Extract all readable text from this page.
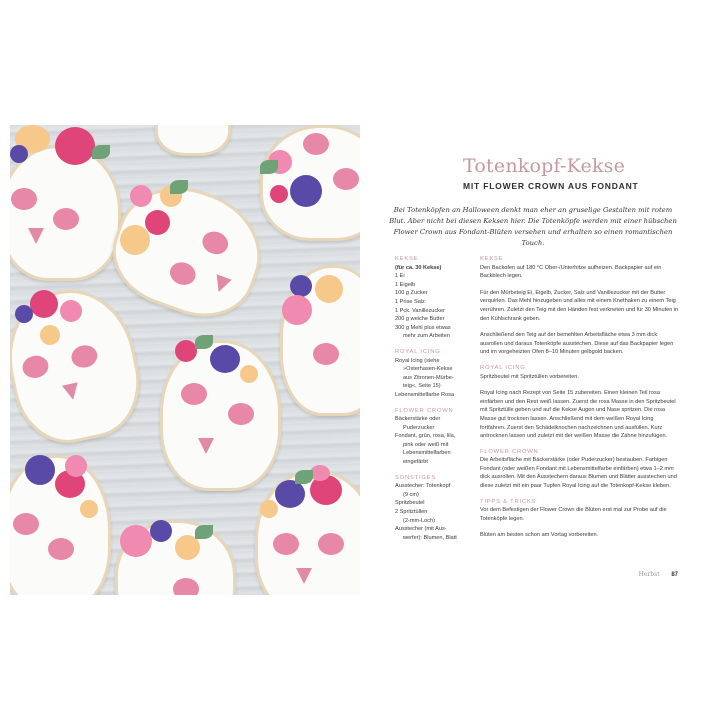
Totenkopf-Kekse
MIT FLOWER CROWN AUS FONDANT
Bei Totenköpfen an Halloween denkt man eher an gruselige Gestalten mit rotem Blut. Aber nicht bei diesen Keksen hier. Die Totenköpfe werden mit einer hübschen Flower Crown aus Fondant-Blüten versehen und erhalten so einen romantischen Touch.
KEKSE
(für ca. 30 Kekse)
1 Ei
1 Eigelb
100 g Zucker
1 Prise Salz
1 Pck. Vanillezucker
200 g weiche Butter
300 g Mehl plus etwas
mehr zum Arbeiten
ROYAL ICING
Royal Icing (siehe
»Osterhasen-Kekse
aus Zitronen-Mürbe-
teig«, Seite 15)
Lebensmittelfarbe Rosa
FLOWER CROWN
Bäckerstärke oder
Puderzucker
Fondant, grün, rosa, lila,
pink oder weiß mit
Lebensmittelfarben
eingefärbt
SONSTIGES
Ausstecher: Totenkopf
(9 cm)
Spritzbeutel
2 Spritztüllen
(2-mm-Loch)
Ausstecher (mit Aus-
werfer): Blumen, Blatt
KEKSE

Den Backofen auf 180 °C Ober-/Unterhitze aufheizen. Backpapier auf ein Backblech legen.

Für den Mürbeteig Ei, Eigelb, Zucker, Salz und Vanillezucker mit der Butter verquirlen. Das Mehl hinzugeben und alles mit einem Knethaken zu einem Teig verrühren. Zuletzt den Teig mit den Händen fest verkneten und für 30 Minuten in den Kühlschrank geben.

Anschließend den Teig auf der bemehlten Arbeitsfläche etwa 3 mm dick ausrollen und daraus Totenköpfe ausstechen. Diese auf das Backpapier legen und im vorgeheizten Ofen 8–10 Minuten gelbgold backen.

ROYAL ICING

Spritzbeutel mit Spritztüllen vorbereiten.

Royal Icing nach Rezept von Seite 15 zubereiten. Einen kleinen Teil rosa einfärben und den Rest weiß lassen. Zuerst die rosa Masse in den Spritzbeutel mit Spritztülle geben und auf die Kekse Augen und Nase spritzen. Die rosa Masse gut trocknen lassen. Anschließend mit dem weißen Royal Icing fortfahren. Zuerst den Schädelknochen nachzeichnen und ausfüllen. Kurz antrocknen lassen und zuletzt mit der weißen Masse die Zähne hinzufügen.

FLOWER CROWN

Die Arbeitsfläche mit Bäckerstärke (oder Puderzucker) bestauben. Farbigen Fondant (oder weißen Fondant mit Lebensmittelfarbe einfärben) etwa 1–2 mm dick ausrollen. Mit den Ausstechern daraus Blumen und Blätter ausstechen und diese zuletzt mit ein paar Tupfen Royal Icing auf die Totenkopf-Kekse kleben.

TIPPS & TRICKS

Vor dem Befestigen der Flower Crown die Blüten erst mal zur Probe auf die Totenköpfe legen.

Blüten am besten schon am Vortag vorbereiten.

Herbst 87
